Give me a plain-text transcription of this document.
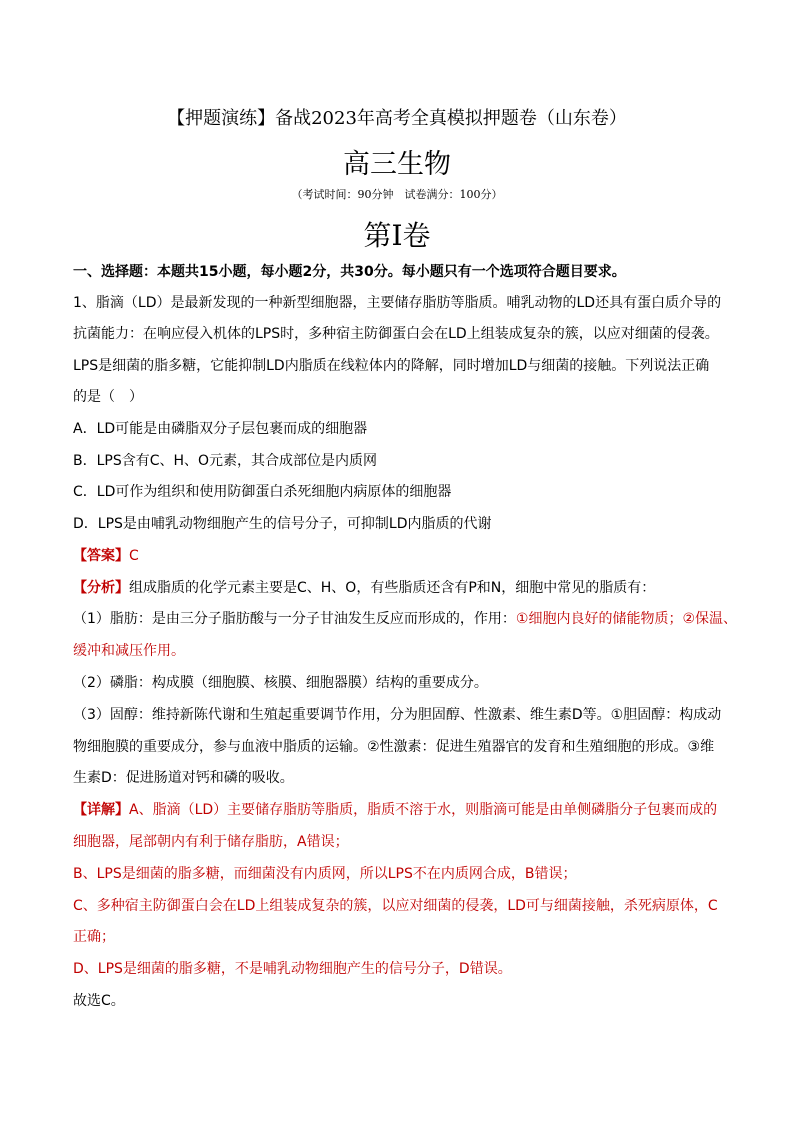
【押题演练】备战2023年高考全真模拟押题卷（山东卷）
高三生物
（考试时间：90分钟　试卷满分：100分）
第Ⅰ卷
一、选择题：本题共15小题，每小题2分，共30分。每小题只有一个选项符合题目要求。
1、脂滴（LD）是最新发现的一种新型细胞器，主要储存脂肪等脂质。哺乳动物的LD还具有蛋白质介导的
抗菌能力：在响应侵入机体的LPS时，多种宿主防御蛋白会在LD上组装成复杂的簇，以应对细菌的侵袭。
LPS是细菌的脂多糖，它能抑制LD内脂质在线粒体内的降解，同时增加LD与细菌的接触。下列说法正确
的是（　）
A．LD可能是由磷脂双分子层包裹而成的细胞器
B．LPS含有C、H、O元素，其合成部位是内质网
C．LD可作为组织和使用防御蛋白杀死细胞内病原体的细胞器
D．LPS是由哺乳动物细胞产生的信号分子，可抑制LD内脂质的代谢
【答案】C
【分析】组成脂质的化学元素主要是C、H、O，有些脂质还含有P和N，细胞中常见的脂质有：
（1）脂肪：是由三分子脂肪酸与一分子甘油发生反应而形成的，作用：①细胞内良好的储能物质；②保温、
缓冲和减压作用。
（2）磷脂：构成膜（细胞膜、核膜、细胞器膜）结构的重要成分。
（3）固醇：维持新陈代谢和生殖起重要调节作用，分为胆固醇、性激素、维生素D等。①胆固醇：构成动
物细胞膜的重要成分，参与血液中脂质的运输。②性激素：促进生殖器官的发育和生殖细胞的形成。③维
生素D：促进肠道对钙和磷的吸收。
【详解】A、脂滴（LD）主要储存脂肪等脂质，脂质不溶于水，则脂滴可能是由单侧磷脂分子包裹而成的
细胞器，尾部朝内有利于储存脂肪，A错误；
B、LPS是细菌的脂多糖，而细菌没有内质网，所以LPS不在内质网合成，B错误；
C、多种宿主防御蛋白会在LD上组装成复杂的簇，以应对细菌的侵袭，LD可与细菌接触，杀死病原体，C
正确；
D、LPS是细菌的脂多糖，不是哺乳动物细胞产生的信号分子，D错误。
故选C。
